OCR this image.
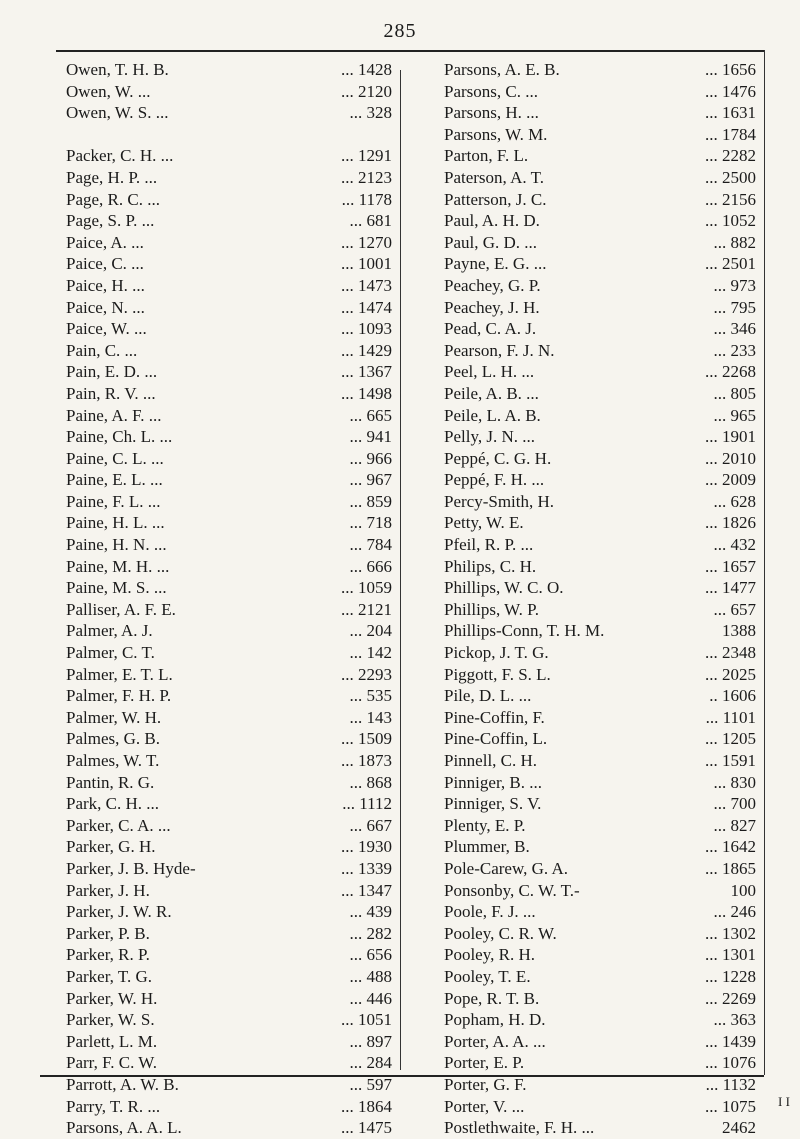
285
Owen, T. H. B.	... 1428
Owen, W. ...	... 2120
Owen, W. S. ...	... 328
Packer, C. H. ...	... 1291
Page, H. P. ...	... 2123
Page, R. C. ...	... 1178
Page, S. P. ...	... 681
Paice, A. ...	... 1270
Paice, C. ...	... 1001
Paice, H. ...	... 1473
Paice, N. ...	... 1474
Paice, W. ...	... 1093
Pain, C. ...	... 1429
Pain, E. D. ...	... 1367
Pain, R. V. ...	... 1498
Paine, A. F. ...	... 665
Paine, Ch. L. ...	... 941
Paine, C. L. ...	... 966
Paine, E. L. ...	... 967
Paine, F. L. ...	... 859
Paine, H. L. ...	... 718
Paine, H. N. ...	... 784
Paine, M. H. ...	... 666
Paine, M. S. ...	... 1059
Palliser, A. F. E.	... 2121
Palmer, A. J.	... 204
Palmer, C. T.	... 142
Palmer, E. T. L.	... 2293
Palmer, F. H. P.	... 535
Palmer, W. H.	... 143
Palmes, G. B.	... 1509
Palmes, W. T.	... 1873
Pantin, R. G.	... 868
Park, C. H. ...	... 1112
Parker, C. A. ...	... 667
Parker, G. H.	... 1930
Parker, J. B. Hyde-	... 1339
Parker, J. H.	... 1347
Parker, J. W. R.	... 439
Parker, P. B.	... 282
Parker, R. P.	... 656
Parker, T. G.	... 488
Parker, W. H.	... 446
Parker, W. S.	... 1051
Parlett, L. M.	... 897
Parr, F. C. W.	... 284
Parrott, A. W. B.	... 597
Parry, T. R. ...	... 1864
Parsons, A. A. L.	... 1475
Parsons, A. E. B.	... 1656
Parsons, C. ...	... 1476
Parsons, H. ...	... 1631
Parsons, W. M.	... 1784
Parton, F. L.	... 2282
Paterson, A. T.	... 2500
Patterson, J. C.	... 2156
Paul, A. H. D.	... 1052
Paul, G. D. ...	... 882
Payne, E. G. ...	... 2501
Peachey, G. P.	... 973
Peachey, J. H.	... 795
Pead, C. A. J.	... 346
Pearson, F. J. N.	... 233
Peel, L. H. ...	... 2268
Peile, A. B. ...	... 805
Peile, L. A. B.	... 965
Pelly, J. N. ...	... 1901
Peppé, C. G. H.	... 2010
Peppé, F. H. ...	... 2009
Percy-Smith, H.	... 628
Petty, W. E.	... 1826
Pfeil, R. P. ...	... 432
Philips, C. H.	... 1657
Phillips, W. C. O.	... 1477
Phillips, W. P.	... 657
Phillips-Conn, T. H. M.	1388
Pickop, J. T. G.	... 2348
Piggott, F. S. L.	... 2025
Pile, D. L. ...	.. 1606
Pine-Coffin, F.	... 1101
Pine-Coffin, L.	... 1205
Pinnell, C. H.	... 1591
Pinniger, B. ...	... 830
Pinniger, S. V.	... 700
Plenty, E. P.	... 827
Plummer, B.	... 1642
Pole-Carew, G. A.	... 1865
Ponsonby, C. W. T.-	100
Poole, F. J. ...	... 246
Pooley, C. R. W.	... 1302
Pooley, R. H.	... 1301
Pooley, T. E.	... 1228
Pope, R. T. B.	... 2269
Popham, H. D.	... 363
Porter, A. A. ...	... 1439
Porter, E. P.	... 1076
Porter, G. F.	... 1132
Porter, V. ...	... 1075
Postlethwaite, F. H. ...	2462
I I
